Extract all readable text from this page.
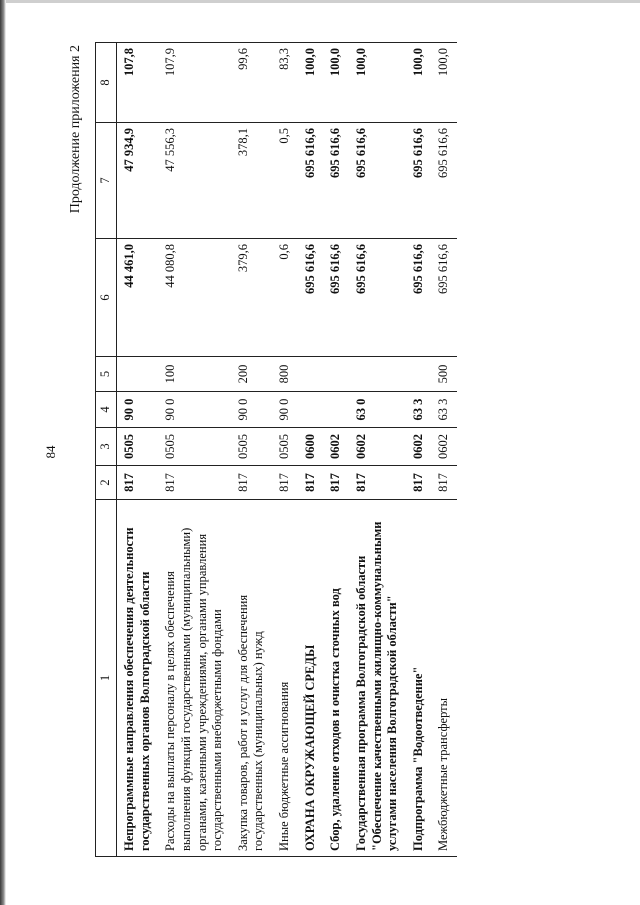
84
Продолжение приложения 2
1	2	3	4	5	6	7	8
Непрограммные направления обеспечения деятельности государственных органов Волгоградской области	817	0505	90 0		44 461,0	47 934,9	107,8
Расходы на выплаты персоналу в целях обеспечения выполнения функций государственными (муниципальными) органами, казенными учреждениями, органами управления государственными внебюджетными фондами	817	0505	90 0	100	44 080,8	47 556,3	107,9
Закупка товаров, работ и услуг для обеспечения государственных (муниципальных) нужд	817	0505	90 0	200	379,6	378,1	99,6
Иные бюджетные ассигнования	817	0505	90 0	800	0,6	0,5	83,3
ОХРАНА ОКРУЖАЮЩЕЙ СРЕДЫ	817	0600			695 616,6	695 616,6	100,0
Сбор, удаление отходов и очистка сточных вод	817	0602			695 616,6	695 616,6	100,0
Государственная программа Волгоградской области "Обеспечение качественными жилищно-коммунальными услугами населения Волгоградской области"	817	0602	63 0		695 616,6	695 616,6	100,0
Подпрограмма "Водоотведение"	817	0602	63 3		695 616,6	695 616,6	100,0
Межбюджетные трансферты	817	0602	63 3	500	695 616,6	695 616,6	100,0
